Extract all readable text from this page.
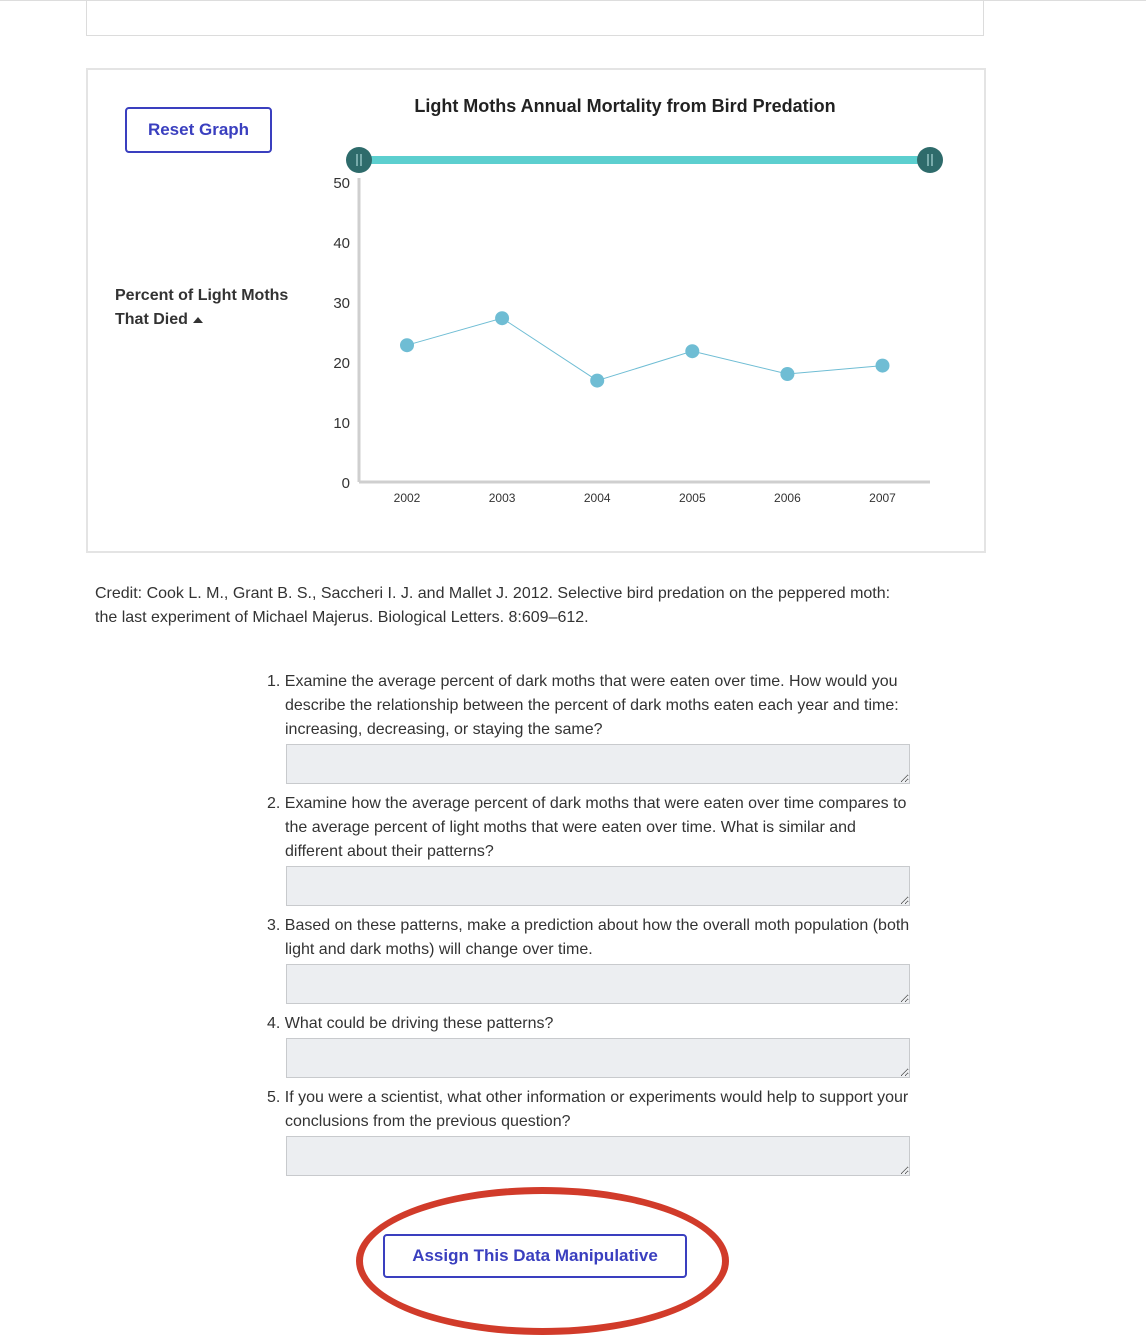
Reset Graph
Percent of Light Moths That Died
Light Moths Annual Mortality from Bird Predation
0
10
20
30
40
50
2002	2003	2004	2005	2006	2007
Credit: Cook L. M., Grant B. S., Saccheri I. J. and Mallet J. 2012. Selective bird predation on the peppered moth: the last experiment of Michael Majerus. Biological Letters. 8:609–612.
1. Examine the average percent of dark moths that were eaten over time. How would you describe the relationship between the percent of dark moths eaten each year and time: increasing, decreasing, or staying the same?
2. Examine how the average percent of dark moths that were eaten over time compares to the average percent of light moths that were eaten over time. What is similar and different about their patterns?
3. Based on these patterns, make a prediction about how the overall moth population (both light and dark moths) will change over time.
4. What could be driving these patterns?
5. If you were a scientist, what other information or experiments would help to support your conclusions from the previous question?
Assign This Data Manipulative
